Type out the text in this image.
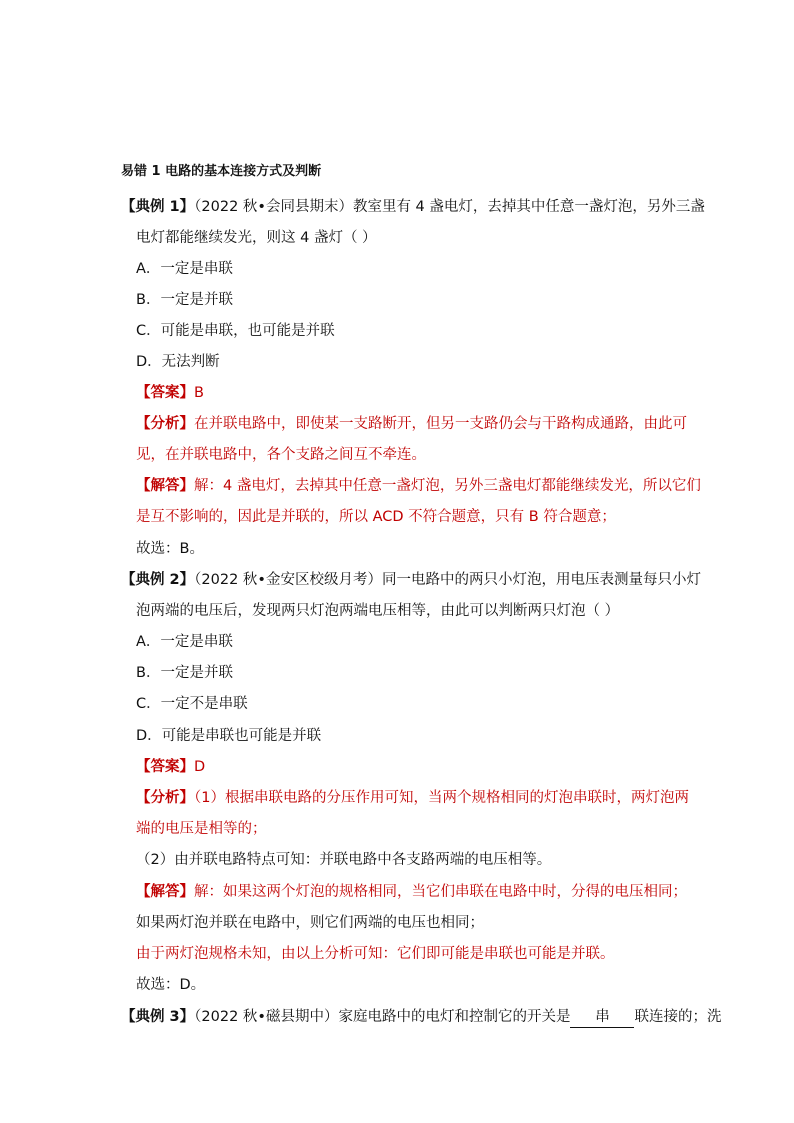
易错 1 电路的基本连接方式及判断
【典例 1】（2022 秋•会同县期末）教室里有 4 盏电灯，去掉其中任意一盏灯泡，另外三盏
电灯都能继续发光，则这 4 盏灯（ ）
A．一定是串联
B．一定是并联
C．可能是串联，也可能是并联
D．无法判断
【答案】B
【分析】在并联电路中，即使某一支路断开，但另一支路仍会与干路构成通路，由此可
见，在并联电路中，各个支路之间互不牵连。
【解答】解：4 盏电灯，去掉其中任意一盏灯泡，另外三盏电灯都能继续发光，所以它们
是互不影响的，因此是并联的，所以 ACD 不符合题意，只有 B 符合题意；
故选：B。
【典例 2】（2022 秋•金安区校级月考）同一电路中的两只小灯泡，用电压表测量每只小灯
泡两端的电压后，发现两只灯泡两端电压相等，由此可以判断两只灯泡（ ）
A．一定是串联
B．一定是并联
C．一定不是串联
D．可能是串联也可能是并联
【答案】D
【分析】（1）根据串联电路的分压作用可知，当两个规格相同的灯泡串联时，两灯泡两
端的电压是相等的；
（2）由并联电路特点可知：并联电路中各支路两端的电压相等。
【解答】解：如果这两个灯泡的规格相同，当它们串联在电路中时，分得的电压相同；
如果两灯泡并联在电路中，则它们两端的电压也相同；
由于两灯泡规格未知，由以上分析可知：它们即可能是串联也可能是并联。
故选：D。
【典例 3】（2022 秋•磁县期中）家庭电路中的电灯和控制它的开关是 串 联连接的；洗
